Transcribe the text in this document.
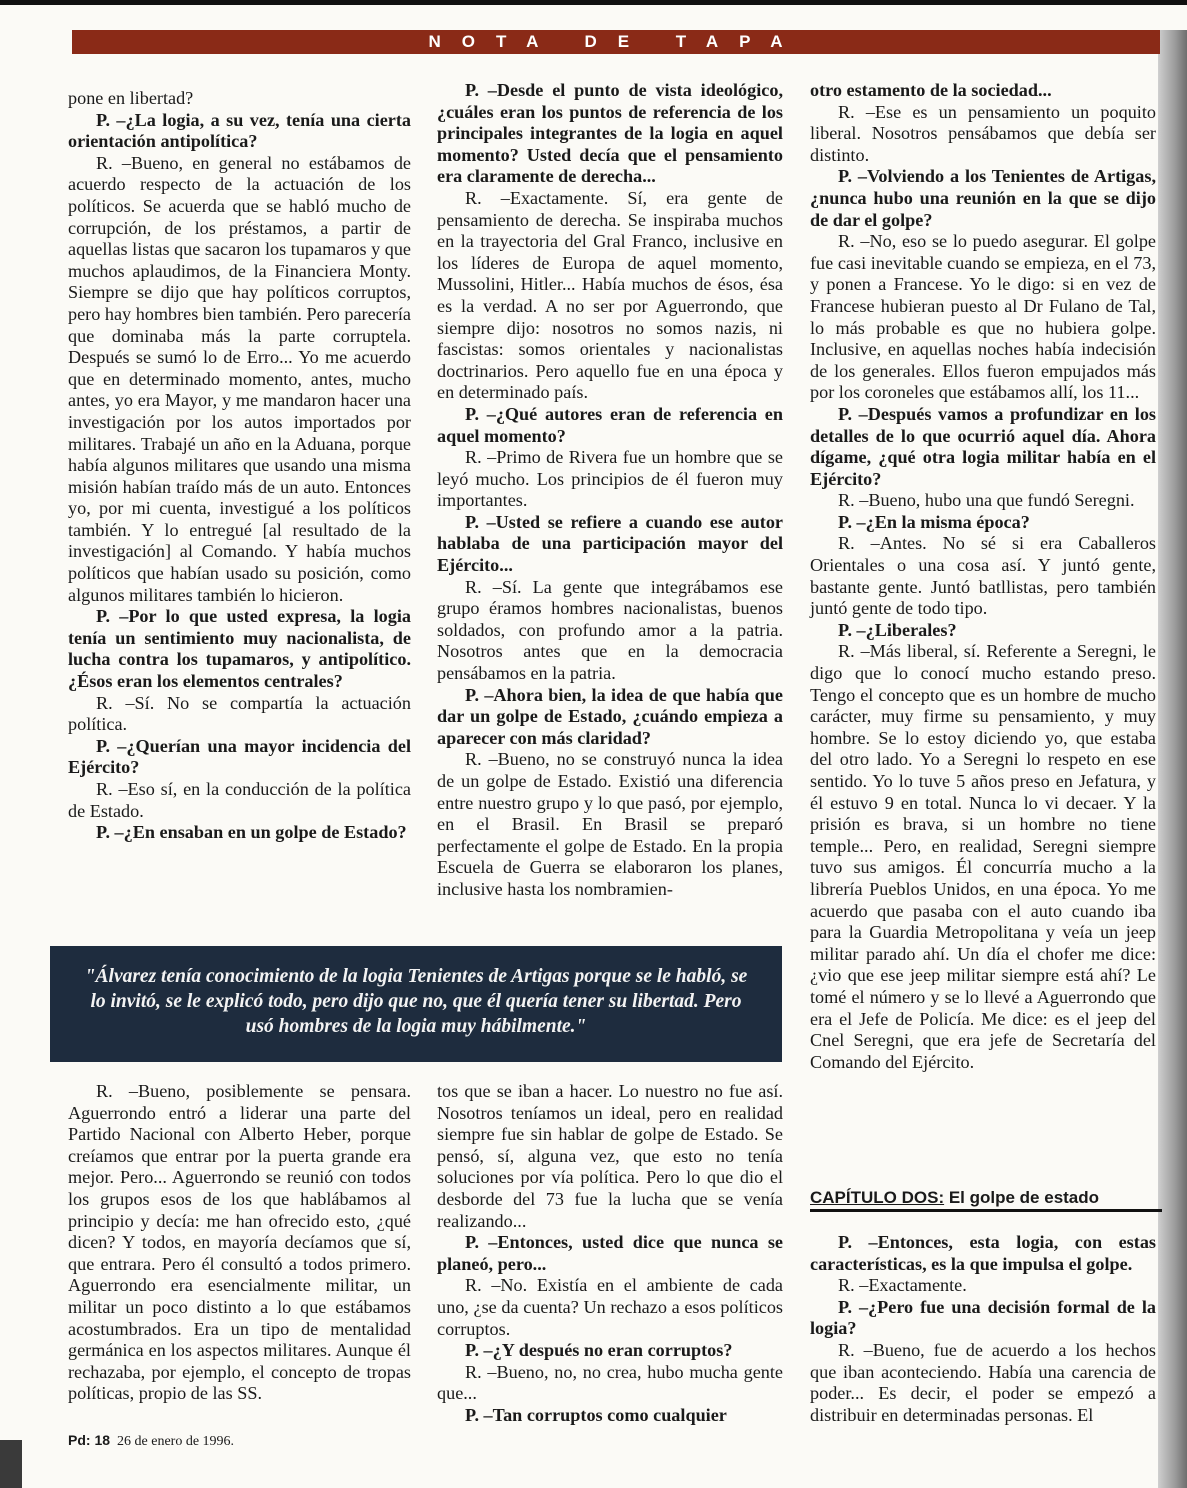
NOTA DE TAPA

pone en libertad?

P. –¿La logia, a su vez, tenía una cierta orientación antipolítica?

R. –Bueno, en general no estábamos de acuerdo respecto de la actuación de los políticos. Se acuerda que se habló mucho de corrupción, de los préstamos, a partir de aquellas listas que sacaron los tupamaros y que muchos aplaudimos, de la Financiera Monty. Siempre se dijo que hay políticos corruptos, pero hay hombres bien también. Pero parecería que dominaba más la parte corruptela. Después se sumó lo de Erro... Yo me acuerdo que en determinado momento, antes, mucho antes, yo era Mayor, y me mandaron hacer una investigación por los autos importados por militares. Trabajé un año en la Aduana, porque había algunos militares que usando una misma misión habían traído más de un auto. Entonces yo, por mi cuenta, investigué a los políticos también. Y lo entregué [al resultado de la investigación] al Comando. Y había muchos políticos que habían usado su posición, como algunos militares también lo hicieron.

P. –Por lo que usted expresa, la logia tenía un sentimiento muy nacionalista, de lucha contra los tupamaros, y antipolítico. ¿Ésos eran los elementos centrales?

R. –Sí. No se compartía la actuación política.

P. –¿Querían una mayor incidencia del Ejército?

R. –Eso sí, en la conducción de la política de Estado.

P. –¿En ensaban en un golpe de Estado?

P. –Desde el punto de vista ideológico, ¿cuáles eran los puntos de referencia de los principales integrantes de la logia en aquel momento? Usted decía que el pensamiento era claramente de derecha...

R. –Exactamente. Sí, era gente de pensamiento de derecha. Se inspiraba muchos en la trayectoria del Gral Franco, inclusive en los líderes de Europa de aquel momento, Mussolini, Hitler... Había muchos de ésos, ésa es la verdad. A no ser por Aguerrondo, que siempre dijo: nosotros no somos nazis, ni fascistas: somos orientales y nacionalistas doctrinarios. Pero aquello fue en una época y en determinado país.

P. –¿Qué autores eran de referencia en aquel momento?

R. –Primo de Rivera fue un hombre que se leyó mucho. Los principios de él fueron muy importantes.

P. –Usted se refiere a cuando ese autor hablaba de una participación mayor del Ejército...

R. –Sí. La gente que integrábamos ese grupo éramos hombres nacionalistas, buenos soldados, con profundo amor a la patria. Nosotros antes que en la democracia pensábamos en la patria.

P. –Ahora bien, la idea de que había que dar un golpe de Estado, ¿cuándo empieza a aparecer con más claridad?

R. –Bueno, no se construyó nunca la idea de un golpe de Estado. Existió una diferencia entre nuestro grupo y lo que pasó, por ejemplo, en el Brasil. En Brasil se preparó perfectamente el golpe de Estado. En la propia Escuela de Guerra se elaboraron los planes, inclusive hasta los nombramien-

otro estamento de la sociedad...

R. –Ese es un pensamiento un poquito liberal. Nosotros pensábamos que debía ser distinto.

P. –Volviendo a los Tenientes de Artigas, ¿nunca hubo una reunión en la que se dijo de dar el golpe?

R. –No, eso se lo puedo asegurar. El golpe fue casi inevitable cuando se empieza, en el 73, y ponen a Francese. Yo le digo: si en vez de Francese hubieran puesto al Dr Fulano de Tal, lo más probable es que no hubiera golpe. Inclusive, en aquellas noches había indecisión de los generales. Ellos fueron empujados más por los coroneles que estábamos allí, los 11...

P. –Después vamos a profundizar en los detalles de lo que ocurrió aquel día. Ahora dígame, ¿qué otra logia militar había en el Ejército?

R. –Bueno, hubo una que fundó Seregni.

P. –¿En la misma época?

R. –Antes. No sé si era Caballeros Orientales o una cosa así. Y juntó gente, bastante gente. Juntó batllistas, pero también juntó gente de todo tipo.

P. –¿Liberales?

R. –Más liberal, sí. Referente a Seregni, le digo que lo conocí mucho estando preso. Tengo el concepto que es un hombre de mucho carácter, muy firme su pensamiento, y muy hombre. Se lo estoy diciendo yo, que estaba del otro lado. Yo a Seregni lo respeto en ese sentido. Yo lo tuve 5 años preso en Jefatura, y él estuvo 9 en total. Nunca lo vi decaer. Y la prisión es brava, si un hombre no tiene temple... Pero, en realidad, Seregni siempre tuvo sus amigos. Él concurría mucho a la librería Pueblos Unidos, en una época. Yo me acuerdo que pasaba con el auto cuando iba para la Guardia Metropolitana y veía un jeep militar parado ahí. Un día el chofer me dice: ¿vio que ese jeep militar siempre está ahí? Le tomé el número y se lo llevé a Aguerrondo que era el Jefe de Policía. Me dice: es el jeep del Cnel Seregni, que era jefe de Secretaría del Comando del Ejército.

"Álvarez tenía conocimiento de la logia Tenientes de Artigas porque se le habló, se lo invitó, se le explicó todo, pero dijo que no, que él quería tener su libertad. Pero usó hombres de la logia muy hábilmente."

R. –Bueno, posiblemente se pensara. Aguerrondo entró a liderar una parte del Partido Nacional con Alberto Heber, porque creíamos que entrar por la puerta grande era mejor. Pero... Aguerrondo se reunió con todos los grupos esos de los que hablábamos al principio y decía: me han ofrecido esto, ¿qué dicen? Y todos, en mayoría decíamos que sí, que entrara. Pero él consultó a todos primero. Aguerrondo era esencialmente militar, un militar un poco distinto a lo que estábamos acostumbrados. Era un tipo de mentalidad germánica en los aspectos militares. Aunque él rechazaba, por ejemplo, el concepto de tropas políticas, propio de las SS.

tos que se iban a hacer. Lo nuestro no fue así. Nosotros teníamos un ideal, pero en realidad siempre fue sin hablar de golpe de Estado. Se pensó, sí, alguna vez, que esto no tenía soluciones por vía política. Pero lo que dio el desborde del 73 fue la lucha que se venía realizando...

P. –Entonces, usted dice que nunca se planeó, pero...

R. –No. Existía en el ambiente de cada uno, ¿se da cuenta? Un rechazo a esos políticos corruptos.

P. –¿Y después no eran corruptos?

R. –Bueno, no, no crea, hubo mucha gente que...

P. –Tan corruptos como cualquier

CAPÍTULO DOS: El golpe de estado

P. –Entonces, esta logia, con estas características, es la que impulsa el golpe.

R. –Exactamente.

P. –¿Pero fue una decisión formal de la logia?

R. –Bueno, fue de acuerdo a los hechos que iban aconteciendo. Había una carencia de poder... Es decir, el poder se empezó a distribuir en determinadas personas. El

Pd: 18 26 de enero de 1996.
